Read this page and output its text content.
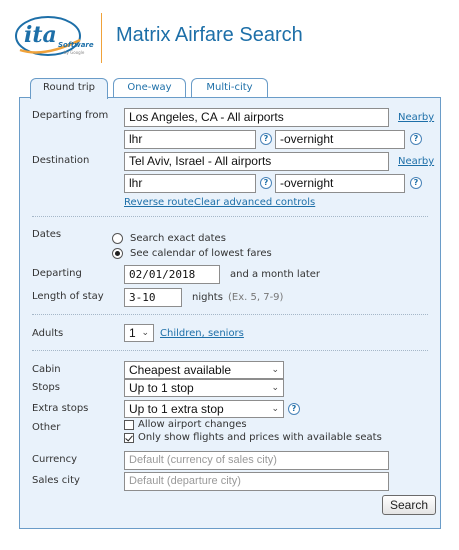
ita Software
by Google
Matrix Airfare Search
Round trip	One-way	Multi-city
Departing from	Los Angeles, CA - All airports	Nearby
lhr	? -overnight	?
Destination	Tel Aviv, Israel - All airports	Nearby
lhr	? -overnight	?
Reverse route Clear advanced controls
Dates	Search exact dates
See calendar of lowest fares
Departing	02/01/2018	and a month later
Length of stay	3-10	nights (Ex. 5, 7-9)
Adults	1 ⌄ Children, seniors
Cabin	Cheapest available	⌄
Stops	Up to 1 stop	⌄
Extra stops	Up to 1 extra stop	⌄	?
Other	Allow airport changes
Only show flights and prices with available seats
Currency	Default (currency of sales city)
Sales city	Default (departure city)
Search
